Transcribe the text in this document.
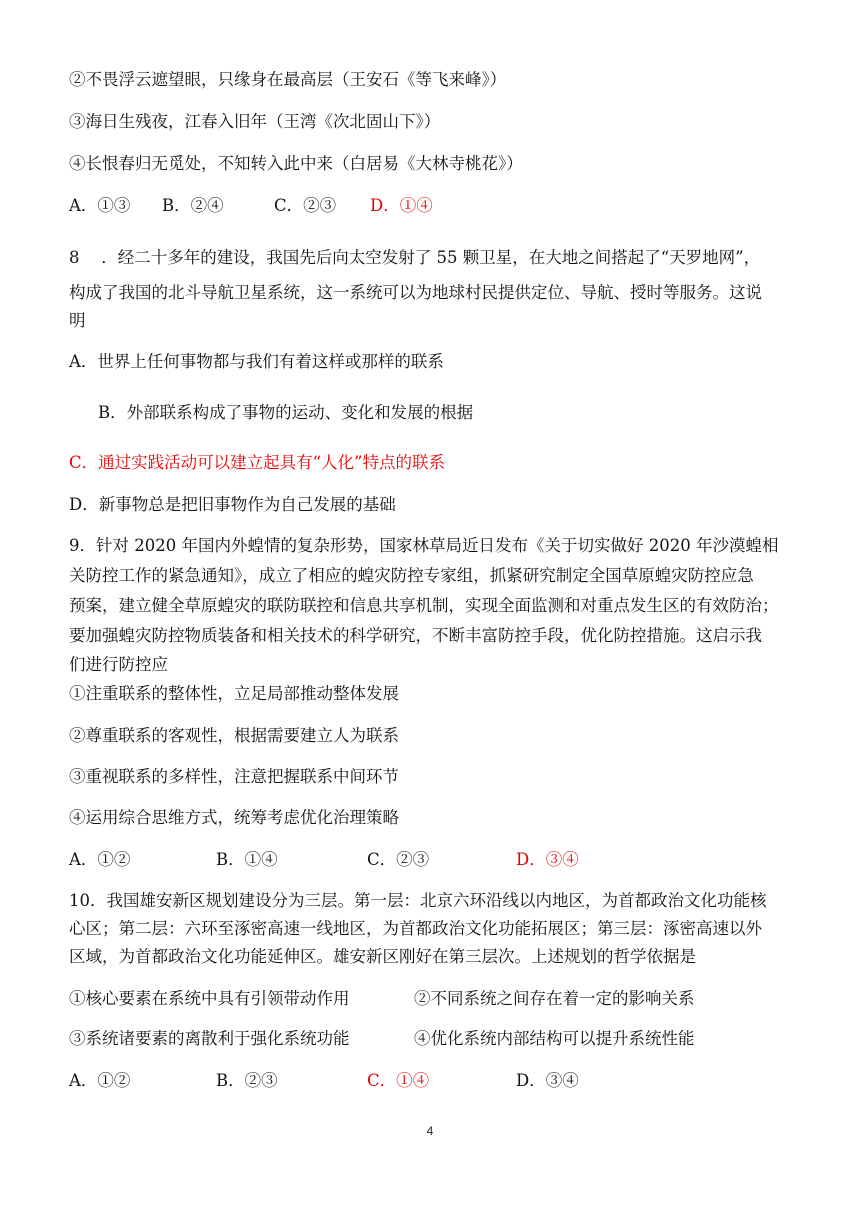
②不畏浮云遮望眼，只缘身在最高层（王安石《等飞来峰》）
③海日生残夜，江春入旧年（王湾《次北固山下》）
④长恨春归无觅处，不知转入此中来（白居易《大林寺桃花》）
A．①③ B．②④	C．②③ D．①④
8　 ．经二十多年的建设，我国先后向太空发射了 55 颗卫星，在大地之间搭起了“天罗地网”，
构成了我国的北斗导航卫星系统，这一系统可以为地球村民提供定位、导航、授时等服务。这说
明
A．世界上任何事物都与我们有着这样或那样的联系
B．外部联系构成了事物的运动、变化和发展的根据
C．通过实践活动可以建立起具有“人化”特点的联系
D．新事物总是把旧事物作为自己发展的基础
9．针对 2020 年国内外蝗情的复杂形势，国家林草局近日发布《关于切实做好 2020 年沙漠蝗相
关防控工作的紧急通知》，成立了相应的蝗灾防控专家组，抓紧研究制定全国草原蝗灾防控应急
预案，建立健全草原蝗灾的联防联控和信息共享机制，实现全面监测和对重点发生区的有效防治；
要加强蝗灾防控物质装备和相关技术的科学研究，不断丰富防控手段，优化防控措施。这启示我
们进行防控应
①注重联系的整体性，立足局部推动整体发展
②尊重联系的客观性，根据需要建立人为联系
③重视联系的多样性，注意把握联系中间环节
④运用综合思维方式，统筹考虑优化治理策略
A．①②	B．①④	C．②③	D．③④
10．我国雄安新区规划建设分为三层。第一层：北京六环沿线以内地区，为首都政治文化功能核
心区；第二层：六环至涿密高速一线地区，为首都政治文化功能拓展区；第三层：涿密高速以外
区域，为首都政治文化功能延伸区。雄安新区刚好在第三层次。上述规划的哲学依据是
①核心要素在系统中具有引领带动作用	②不同系统之间存在着一定的影响关系
③系统诸要素的离散利于强化系统功能	④优化系统内部结构可以提升系统性能
A．①②	B．②③	C．①④	D．③④
4
